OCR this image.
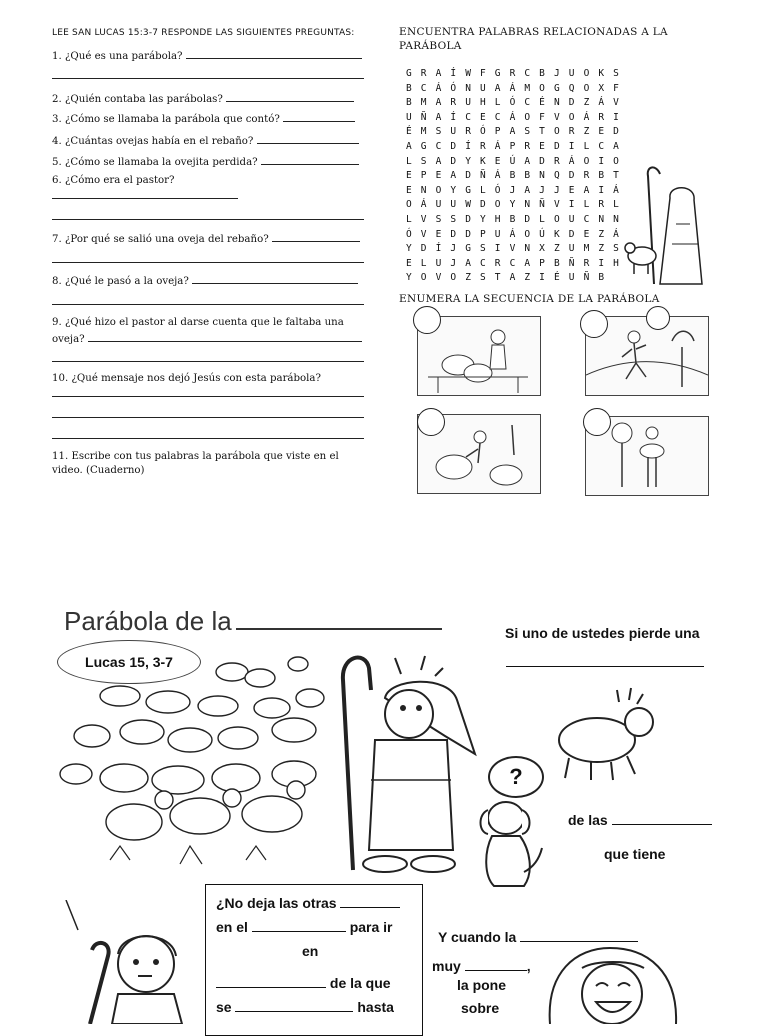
LEE SAN LUCAS 15:3-7 RESPONDE LAS SIGUIENTES PREGUNTAS:
1. ¿Qué es una parábola?
2. ¿Quién contaba las parábolas?
3. ¿Cómo se llamaba la parábola que contó?
4. ¿Cuántas ovejas había en el rebaño?
5. ¿Cómo se llamaba la ovejita perdida?
6. ¿Cómo era el pastor?
7. ¿Por qué se salió una oveja del rebaño?
8. ¿Qué le pasó a la oveja?
9. ¿Qué hizo el pastor al darse cuenta que le faltaba una
oveja?
10. ¿Qué mensaje nos dejó Jesús con esta parábola?
11. Escribe con tus palabras la parábola que viste en el
video. (Cuaderno)
ENCUENTRA PALABRAS RELACIONADAS A LA
PARÁBOLA
G R A Í W F G R C B J U O K S
B C Á Ó N U A Á M O G Q O X F
B M A R U H L Ó C É N D Z Á V
U Ñ A Í C E C Á O F V O Á R I
É M S U R Ó P A S T O R Z E D
A G C D Í R Á P R E D I L C A
L S A D Y K E Ú A D R Á O I O
E P E A D Ñ Á B B N Q D R B T
E N O Y G L Ó J A J J E A I Á
O Á U U W D O Y N Ñ V I L R L
L V S S D Y H B D L O U C N N
Ó V E D D P U Á O Ú K D E Z Á
Y D Í J G S I V N X Z U M Z S
E L U J A C R C A P B Ñ R I H
Y O V O Z S T A Z I É U Ñ B
ENUMERA LA SECUENCIA DE LA PARÁBOLA
Parábola de la
Lucas 15, 3-7
Si uno de ustedes pierde una
?
de las
que tiene
¿No deja las otras
en el	para ir
en
de la que
se	hasta
Y cuando la
muy	,
la pone
sobre
